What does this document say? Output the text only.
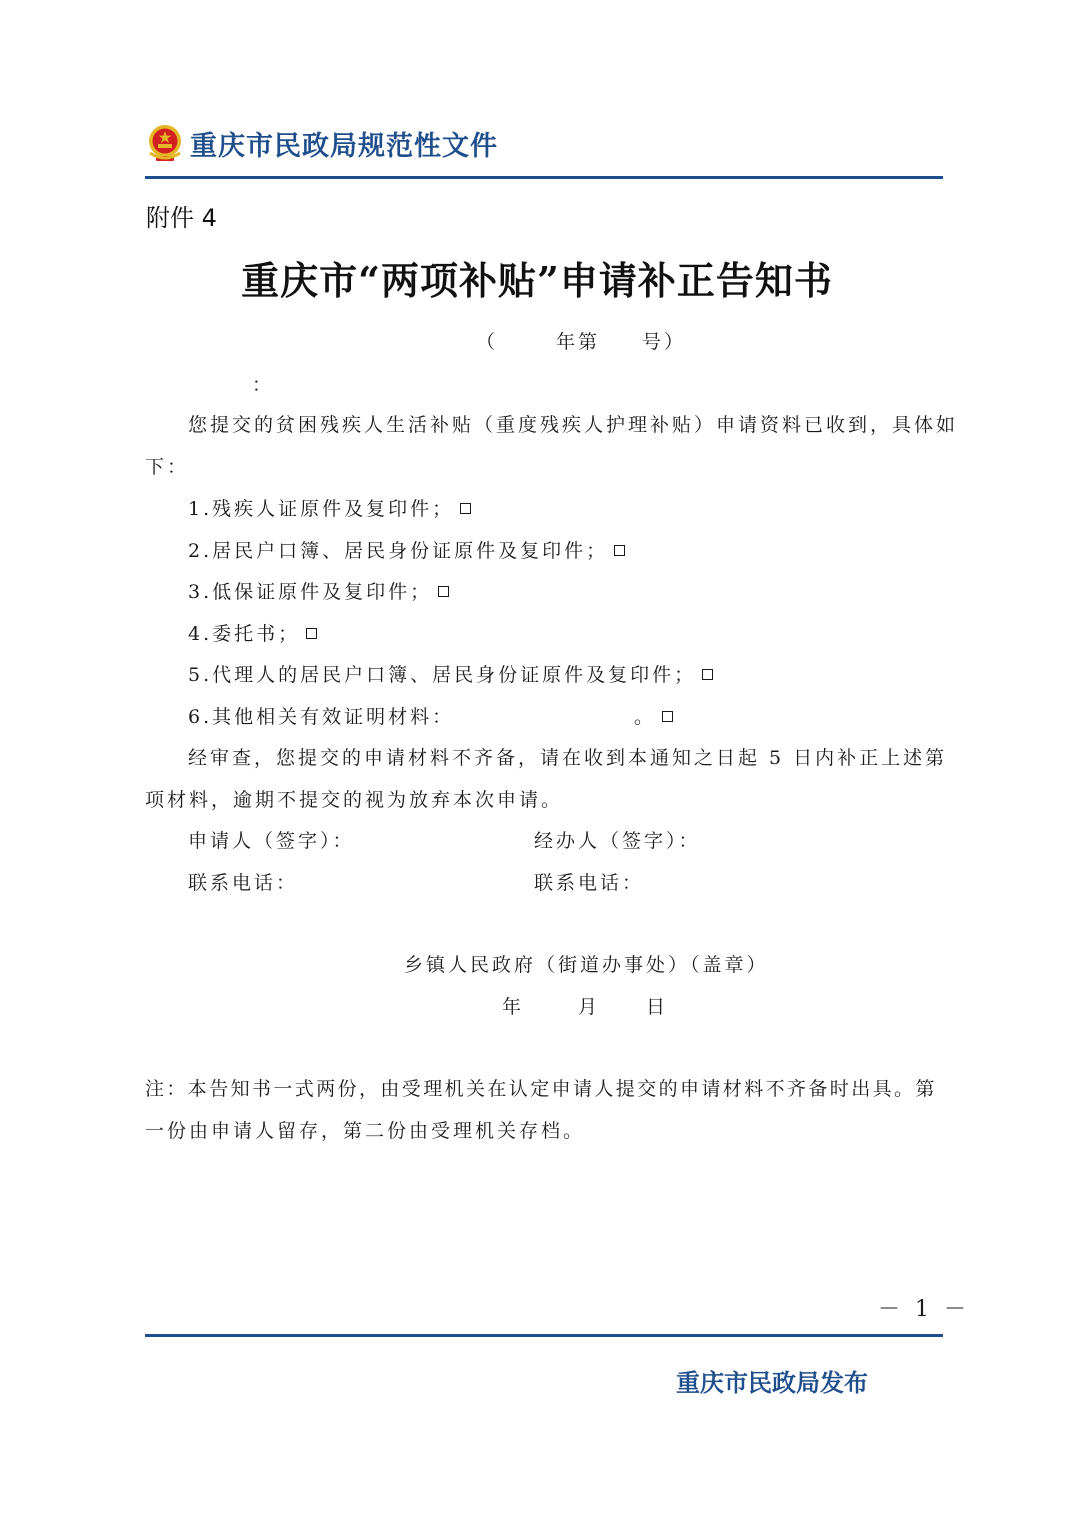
重庆市民政局规范性文件
附件 4
重庆市“两项补贴”申请补正告知书
（	年第 号）
：
您提交的贫困残疾人生活补贴（重度残疾人护理补贴）申请资料已收到，具体如
下：
1.残疾人证原件及复印件；
2.居民户口簿、居民身份证原件及复印件；
3.低保证原件及复印件；
4.委托书；
5.代理人的居民户口簿、居民身份证原件及复印件；
6.其他相关有效证明材料：	。
经审查，您提交的申请材料不齐备，请在收到本通知之日起 5 日内补正上述第
项材料，逾期不提交的视为放弃本次申请。
申请人（签字）：	经办人（签字）：
联系电话：	联系电话：
乡镇人民政府（街道办事处）（盖章）
年	月 日
注：本告知书一式两份，由受理机关在认定申请人提交的申请材料不齐备时出具。第
一份由申请人留存，第二份由受理机关存档。
－ 1 －
重庆市民政局发布
